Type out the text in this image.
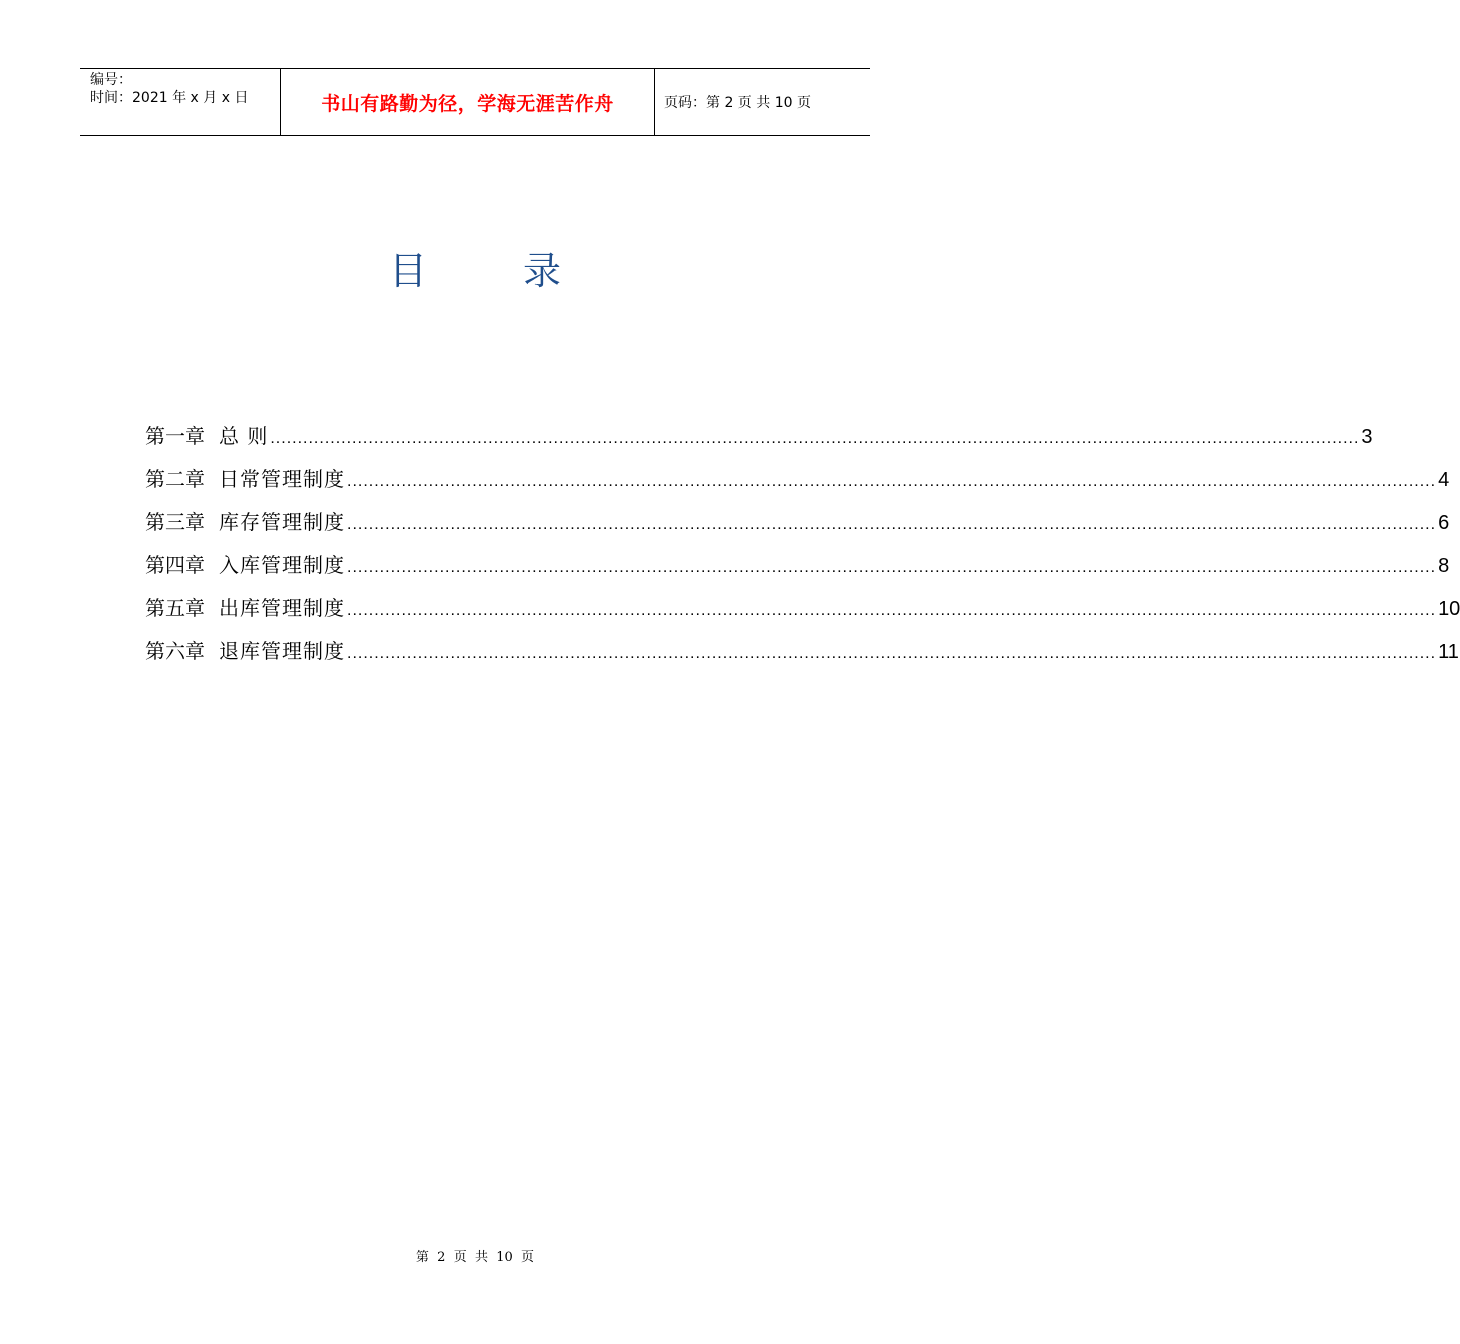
编号：
时间：2021 年 x 月 x 日	书山有路勤为径，学海无涯苦作舟	页码：第 2 页 共 10 页
目录
第一章 总 则 ........................................................................................................................................................................................................ 3
第二章 日常管理制度 ........................................................................................................................................................................................................ 4
第三章 库存管理制度 ........................................................................................................................................................................................................ 6
第四章 入库管理制度 ........................................................................................................................................................................................................ 8
第五章 出库管理制度 ........................................................................................................................................................................................................ 10
第六章 退库管理制度 ........................................................................................................................................................................................................ 11
第  2  页  共  10  页
